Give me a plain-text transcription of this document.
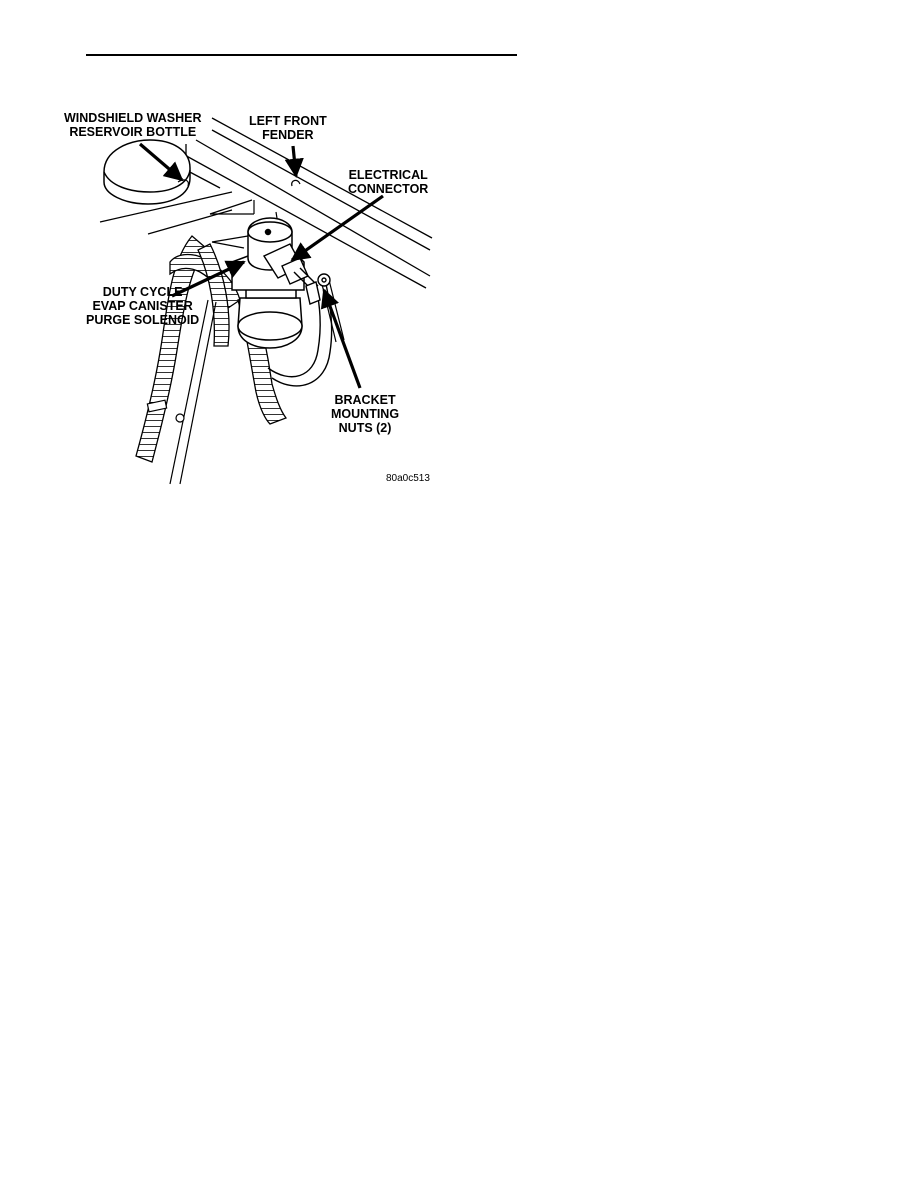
WINDSHIELD WASHER
RESERVOIR BOTTLE
LEFT FRONT
FENDER
ELECTRICAL
CONNECTOR
DUTY CYCLE
EVAP CANISTER
PURGE SOLENOID
BRACKET
MOUNTING
NUTS (2)
80a0c513
